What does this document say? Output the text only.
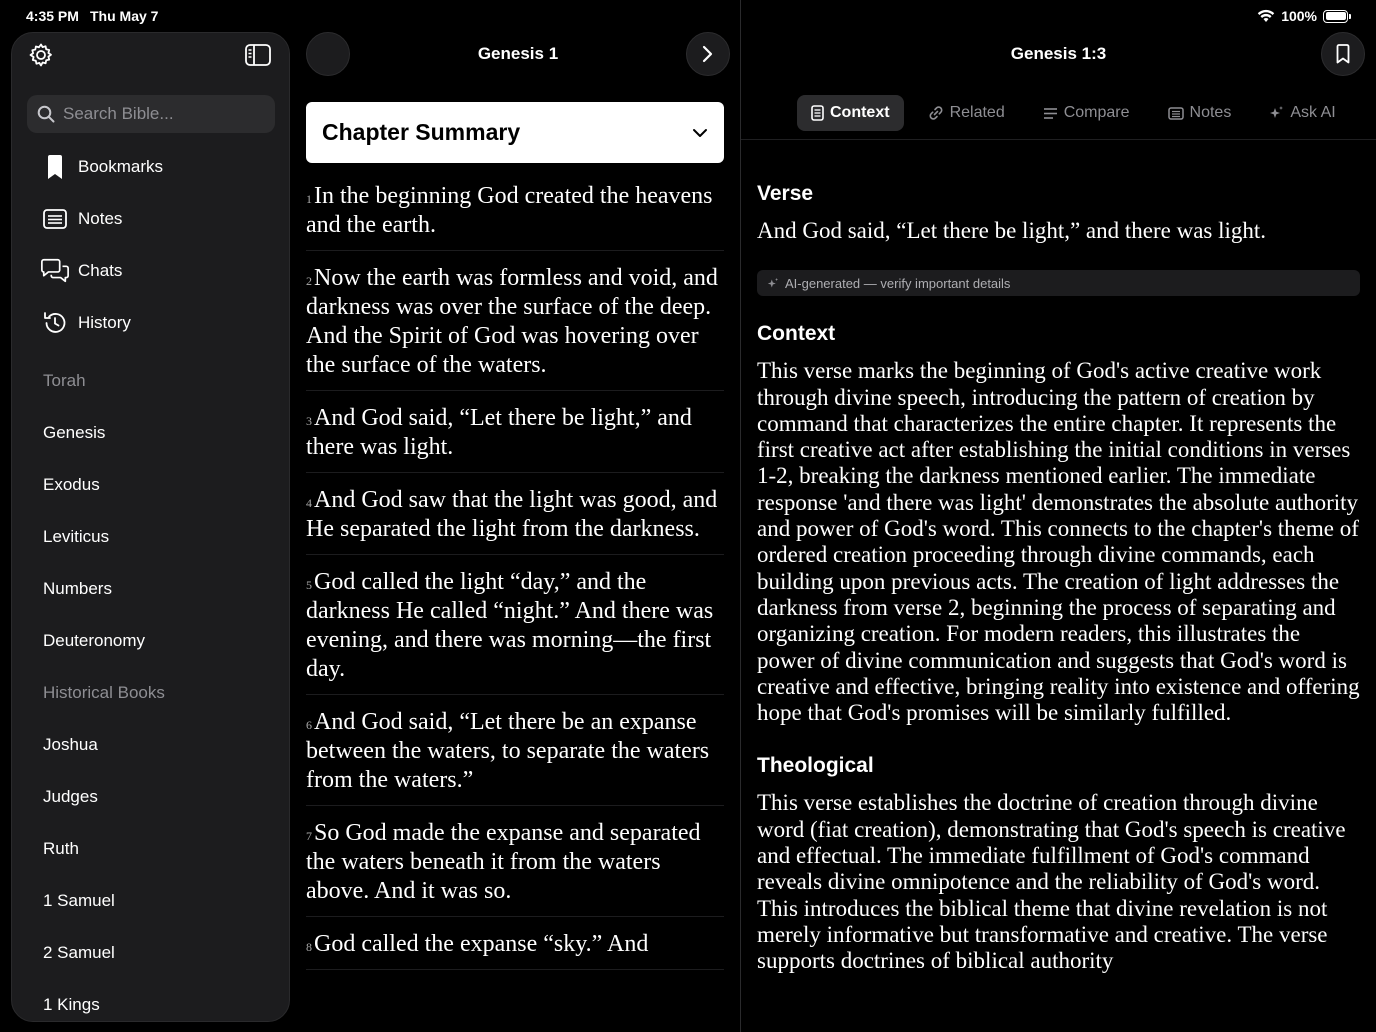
4:35 PM Thu May 7	100%
Search Bible...
Bookmarks
Notes
Chats
History
Torah
Genesis
Exodus
Leviticus
Numbers
Deuteronomy
Historical Books
Joshua
Judges
Ruth
1 Samuel
2 Samuel
1 Kings
Genesis 1
Chapter Summary
$^1$In the beginning God created the heavens and the earth.
$^2$Now the earth was formless and void, and darkness was over the surface of the deep. And the Spirit of God was hovering over the surface of the waters.
$^3$And God said, “Let there be light,” and there was light.
$^4$And God saw that the light was good, and He separated the light from the darkness.
$^5$God called the light “day,” and the darkness He called “night.” And there was evening, and there was morning—the first day.
$^6$And God said, “Let there be an expanse between the waters, to separate the waters from the waters.”
$^7$So God made the expanse and separated the waters beneath it from the waters above. And it was so.
$^8$God called the expanse “sky.” And
Genesis 1:3
Context	Related	Compare	Notes	Ask AI
Verse
And God said, “Let there be light,” and there was light.
AI-generated — verify important details
Context
This verse marks the beginning of God's active creative work through divine speech, introducing the pattern of creation by command that characterizes the entire chapter. It represents the first creative act after establishing the initial conditions in verses 1-2, breaking the darkness mentioned earlier. The immediate response 'and there was light' demonstrates the absolute authority and power of God's word. This connects to the chapter's theme of ordered creation proceeding through divine commands, each building upon previous acts. The creation of light addresses the darkness from verse 2, beginning the process of separating and organizing creation. For modern readers, this illustrates the power of divine communication and suggests that God's word is creative and effective, bringing reality into existence and offering hope that God's promises will be similarly fulfilled.
Theological
This verse establishes the doctrine of creation through divine word (fiat creation), demonstrating that God's speech is creative and effectual. The immediate fulfillment of God's command reveals divine omnipotence and the reliability of God's word. This introduces the biblical theme that divine revelation is not merely informative but transformative and creative. The verse supports doctrines of biblical authority
